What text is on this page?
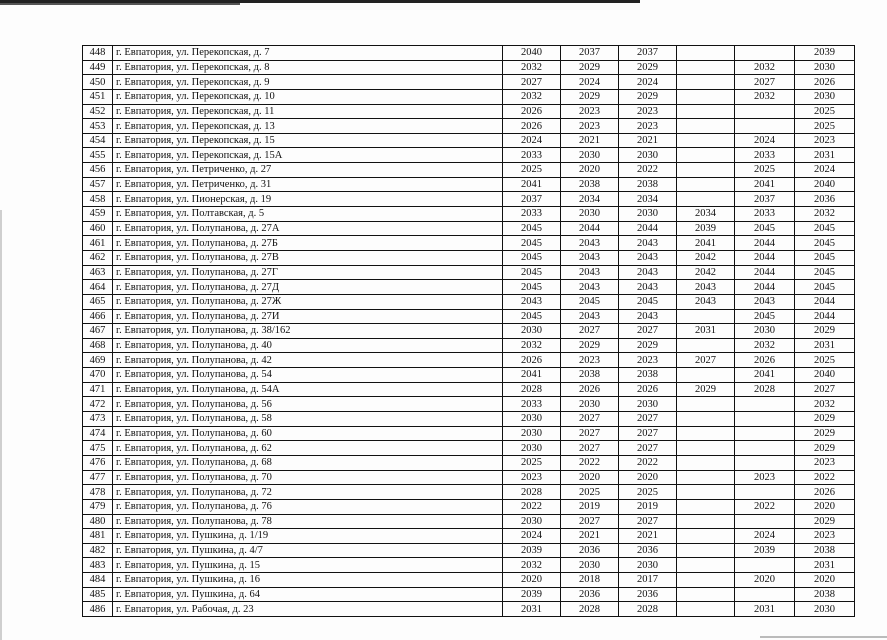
448	г. Евпатория, ул. Перекопская, д. 7	2040	2037	2037			2039
449	г. Евпатория, ул. Перекопская, д. 8	2032	2029	2029		2032	2030
450	г. Евпатория, ул. Перекопская, д. 9	2027	2024	2024		2027	2026
451	г. Евпатория, ул. Перекопская, д. 10	2032	2029	2029		2032	2030
452	г. Евпатория, ул. Перекопская, д. 11	2026	2023	2023			2025
453	г. Евпатория, ул. Перекопская, д. 13	2026	2023	2023			2025
454	г. Евпатория, ул. Перекопская, д. 15	2024	2021	2021		2024	2023
455	г. Евпатория, ул. Перекопская, д. 15А	2033	2030	2030		2033	2031
456	г. Евпатория, ул. Петриченко, д. 27	2025	2020	2022		2025	2024
457	г. Евпатория, ул. Петриченко, д. 31	2041	2038	2038		2041	2040
458	г. Евпатория, ул. Пионерская, д. 19	2037	2034	2034		2037	2036
459	г. Евпатория, ул. Полтавская, д. 5	2033	2030	2030	2034	2033	2032
460	г. Евпатория, ул. Полупанова, д. 27А	2045	2044	2044	2039	2045	2045
461	г. Евпатория, ул. Полупанова, д. 27Б	2045	2043	2043	2041	2044	2045
462	г. Евпатория, ул. Полупанова, д. 27В	2045	2043	2043	2042	2044	2045
463	г. Евпатория, ул. Полупанова, д. 27Г	2045	2043	2043	2042	2044	2045
464	г. Евпатория, ул. Полупанова, д. 27Д	2045	2043	2043	2043	2044	2045
465	г. Евпатория, ул. Полупанова, д. 27Ж	2043	2045	2045	2043	2043	2044
466	г. Евпатория, ул. Полупанова, д. 27И	2045	2043	2043		2045	2044
467	г. Евпатория, ул. Полупанова, д. 38/162	2030	2027	2027	2031	2030	2029
468	г. Евпатория, ул. Полупанова, д. 40	2032	2029	2029		2032	2031
469	г. Евпатория, ул. Полупанова, д. 42	2026	2023	2023	2027	2026	2025
470	г. Евпатория, ул. Полупанова, д. 54	2041	2038	2038		2041	2040
471	г. Евпатория, ул. Полупанова, д. 54А	2028	2026	2026	2029	2028	2027
472	г. Евпатория, ул. Полупанова, д. 56	2033	2030	2030			2032
473	г. Евпатория, ул. Полупанова, д. 58	2030	2027	2027			2029
474	г. Евпатория, ул. Полупанова, д. 60	2030	2027	2027			2029
475	г. Евпатория, ул. Полупанова, д. 62	2030	2027	2027			2029
476	г. Евпатория, ул. Полупанова, д. 68	2025	2022	2022			2023
477	г. Евпатория, ул. Полупанова, д. 70	2023	2020	2020		2023	2022
478	г. Евпатория, ул. Полупанова, д. 72	2028	2025	2025			2026
479	г. Евпатория, ул. Полупанова, д. 76	2022	2019	2019		2022	2020
480	г. Евпатория, ул. Полупанова, д. 78	2030	2027	2027			2029
481	г. Евпатория, ул. Пушкина, д. 1/19	2024	2021	2021		2024	2023
482	г. Евпатория, ул. Пушкина, д. 4/7	2039	2036	2036		2039	2038
483	г. Евпатория, ул. Пушкина, д. 15	2032	2030	2030			2031
484	г. Евпатория, ул. Пушкина, д. 16	2020	2018	2017		2020	2020
485	г. Евпатория, ул. Пушкина, д. 64	2039	2036	2036			2038
486	г. Евпатория, ул. Рабочая, д. 23	2031	2028	2028		2031	2030
